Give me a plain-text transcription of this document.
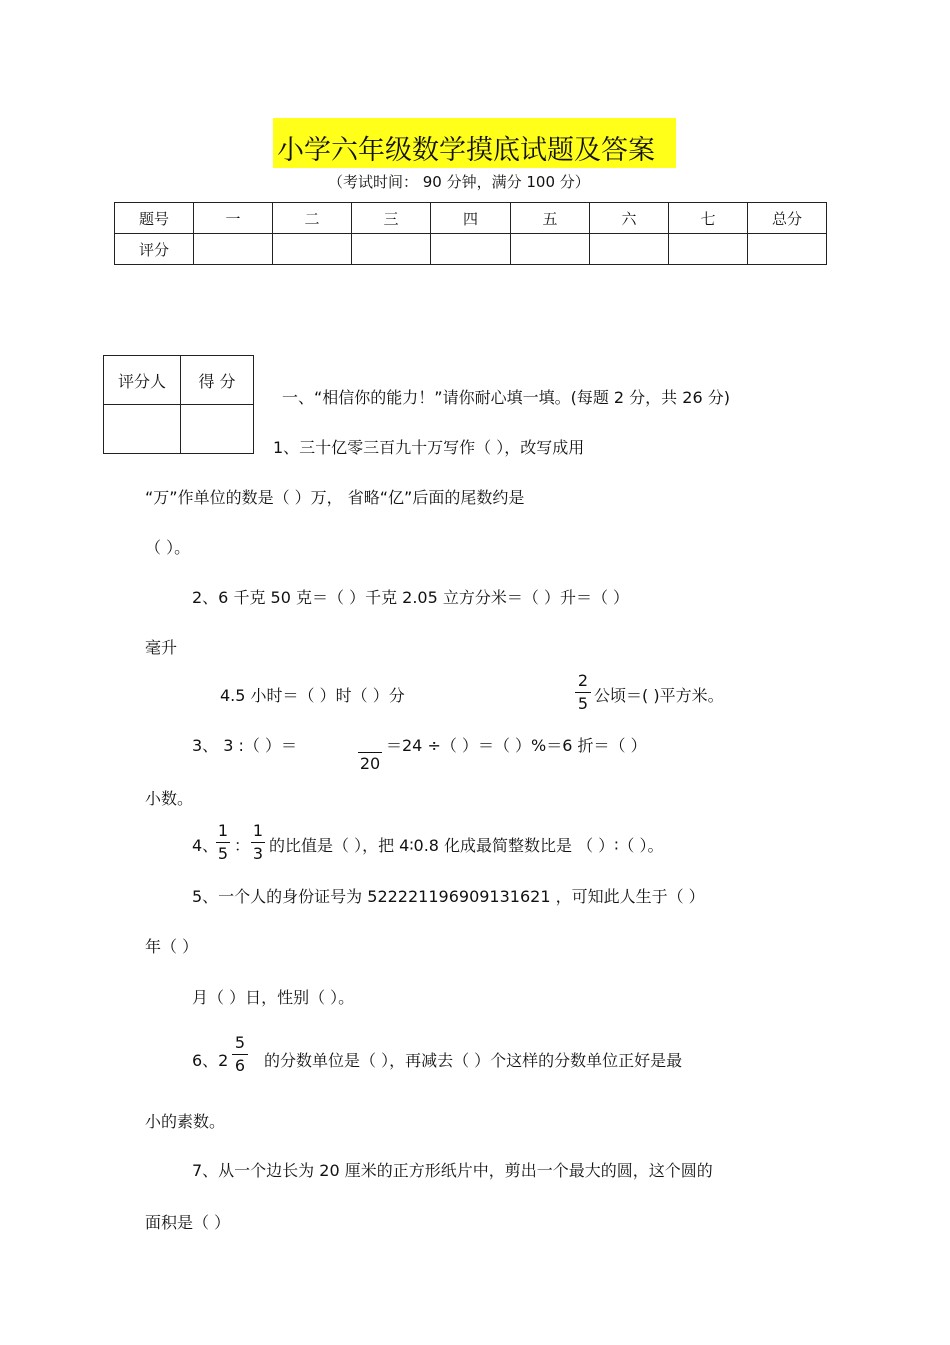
小学六年级数学摸底试题及答案
（考试时间： 90 分钟，满分 100 分）
题号	一	二	三	四	五	六	七	总分
评分								
评分人	得 分

一、“相信你的能力！”请你耐心填一填。(每题 2 分，共 26 分)
1、三十亿零三百九十万写作（ ），改写成用
“万”作单位的数是（ ）万， 省略“亿”后面的尾数约是
（ ）。
2、6 千克 50 克＝（ ）千克 2.05 立方分米＝（ ）升＝（ ）
毫升
4.5 小时＝（ ）时（ ）分
2
5 公顷＝( )平方米。
3、 3 :（ ）＝
20
＝24 ÷（ ）＝（ ）%＝6 折＝（ ）
小数。
4、
1
5 ：
1
3 的比值是（ ），把 4∶0.8 化成最简整数比是 （ ）∶（ ）。
5、一个人的身份证号为 522221196909131621 ，可知此人生于（ ）
年（ ）
月（ ）日，性别（ ）。
6、2
5
6 的分数单位是（ ），再减去（ ）个这样的分数单位正好是最
小的素数。
7、从一个边长为 20 厘米的正方形纸片中，剪出一个最大的圆，这个圆的
面积是（ ）
